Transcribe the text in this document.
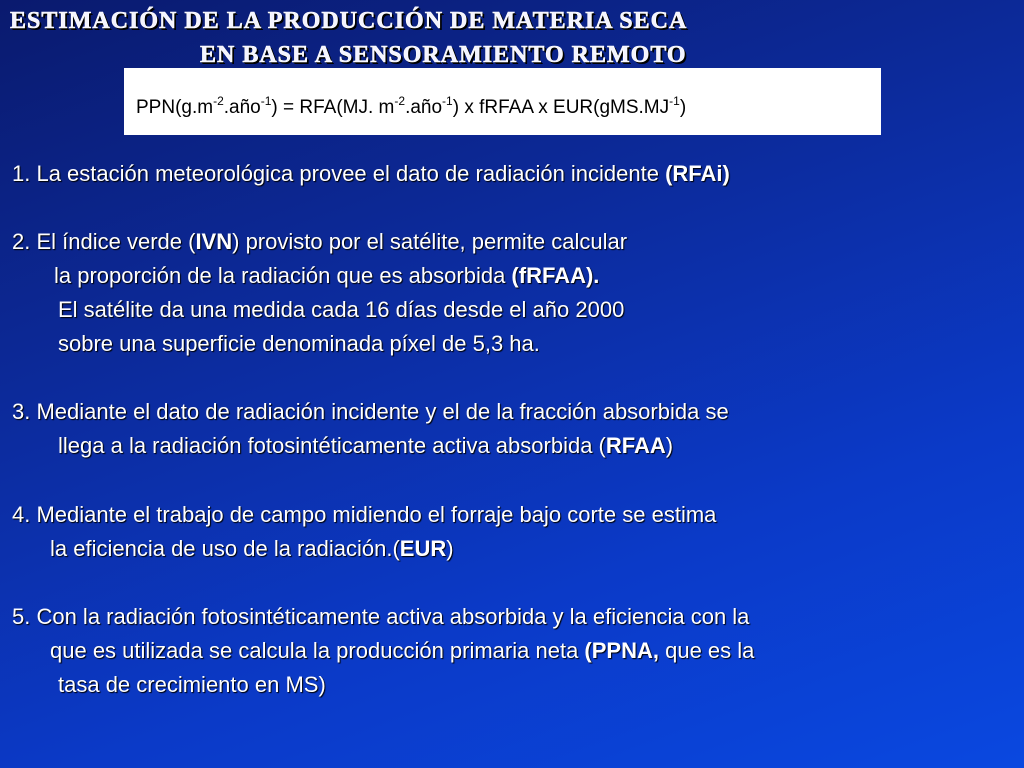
ESTIMACIÓN DE LA PRODUCCIÓN DE MATERIA SECA
EN BASE A SENSORAMIENTO REMOTO
$PPN(g.m^{-2}.año^{-1}) = RFA(MJ$. $m^{-2}.año^{-1}$) x fRFAA x $EUR(gMS.MJ^{-1})$
1. La estación meteorológica provee el dato de radiación incidente (RFAi)
2. El índice verde (IVN) provisto por el satélite, permite calcular
la proporción de la radiación que es absorbida (fRFAA).
El satélite da una medida cada 16 días desde el año 2000
sobre una superficie denominada píxel de 5,3 ha.
3. Mediante el dato de radiación incidente y el de la fracción absorbida se
llega a la radiación fotosintéticamente activa absorbida (RFAA)
4. Mediante el trabajo de campo midiendo el forraje bajo corte se estima
la eficiencia de uso de la radiación.(EUR)
5. Con la radiación fotosintéticamente activa absorbida y la eficiencia con la
que es utilizada se calcula la producción primaria neta (PPNA, que es la
tasa de crecimiento en MS)
